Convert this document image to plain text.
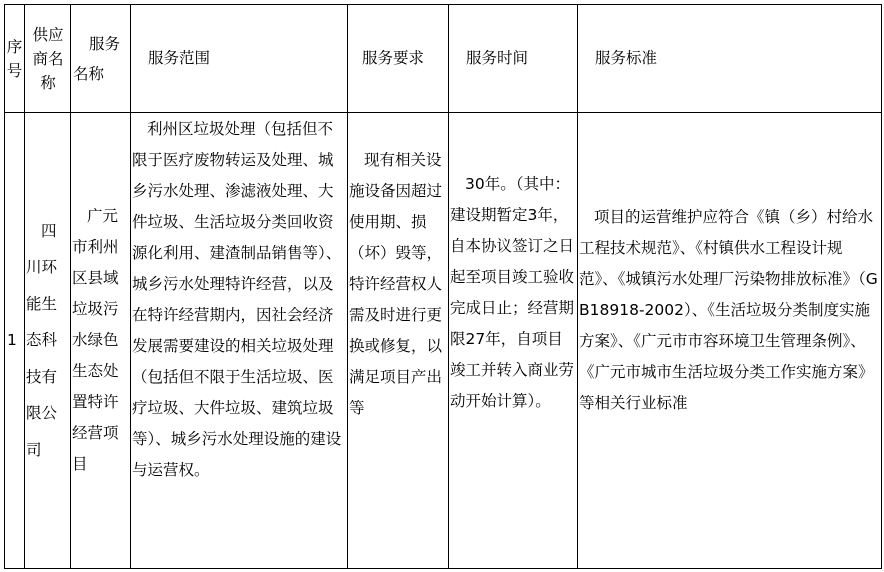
序号	供应商名称	服务名称	服务范围	服务要求	服务时间	服务标准
1	四川环能生态科技有限公司	广元市利州区县域垃圾污水绿色生态处置特许经营项目	利州区垃圾处理（包括但不限于医疗废物转运及处理、城乡污水处理、渗滤液处理、大件垃圾、生活垃圾分类回收资源化利用、建渣制品销售等）、城乡污水处理特许经营，以及在特许经营期内，因社会经济发展需要建设的相关垃圾处理（包括但不限于生活垃圾、医疗垃圾、大件垃圾、建筑垃圾等）、城乡污水处理设施的建设与运营权。	现有相关设施设备因超过使用期、损（坏）毁等，特许经营权人需及时进行更换或修复，以满足项目产出等	30年。（其中：建设期暂定3年，自本协议签订之日起至项目竣工验收完成日止；经营期限27年，自项目竣工并转入商业劳动开始计算）。	项目的运营维护应符合《镇（乡）村给水工程技术规范》、《村镇供水工程设计规范》、《城镇污水处理厂污染物排放标准》（GB18918-2002）、《生活垃圾分类制度实施方案》、《广元市市容环境卫生管理条例》、《广元市城市生活垃圾分类工作实施方案》等相关行业标准
